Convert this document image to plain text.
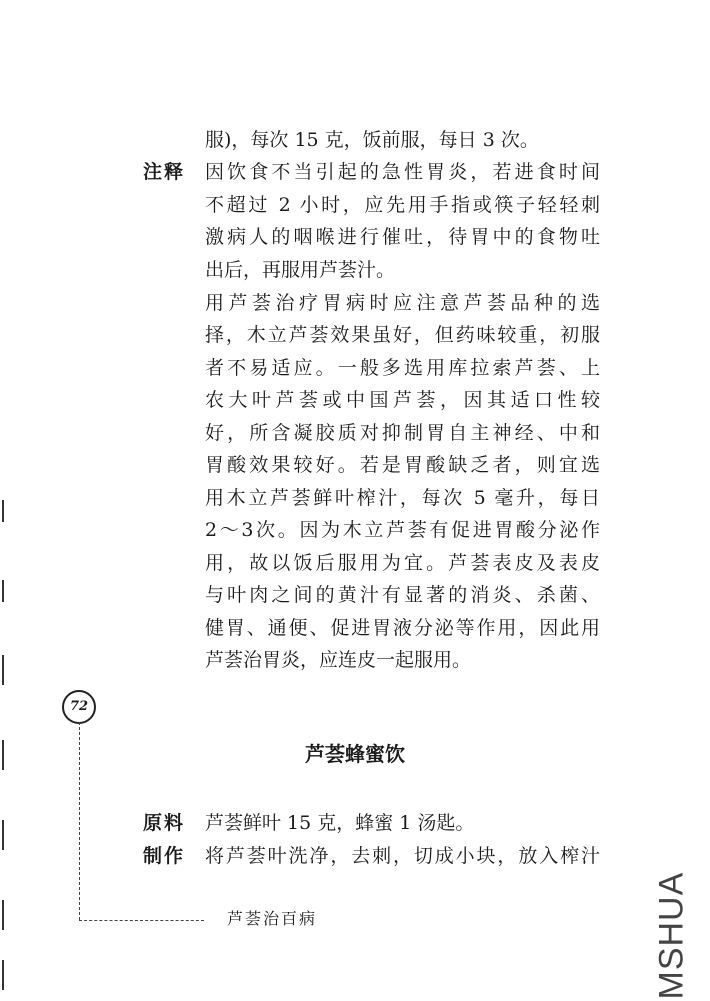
服)，每次 15 克，饭前服，每日 3 次。
注释 因饮食不当引起的急性胃炎，若进食时间
不超过 2 小时，应先用手指或筷子轻轻刺
激病人的咽喉进行催吐，待胃中的食物吐
出后，再服用芦荟汁。
用芦荟治疗胃病时应注意芦荟品种的选
择，木立芦荟效果虽好，但药味较重，初服
者不易适应。一般多选用库拉索芦荟、上
农大叶芦荟或中国芦荟，因其适口性较
好，所含凝胶质对抑制胃自主神经、中和
胃酸效果较好。若是胃酸缺乏者，则宜选
用木立芦荟鲜叶榨汁，每次 5 毫升，每日
2～3次。因为木立芦荟有促进胃酸分泌作
用，故以饭后服用为宜。芦荟表皮及表皮
与叶肉之间的黄汁有显著的消炎、杀菌、
健胃、通便、促进胃液分泌等作用，因此用
芦荟治胃炎，应连皮一起服用。
72
芦荟蜂蜜饮
原料 芦荟鲜叶 15 克，蜂蜜 1 汤匙。
制作 将芦荟叶洗净，去刺，切成小块，放入榨汁
芦荟治百病	MSHUA
